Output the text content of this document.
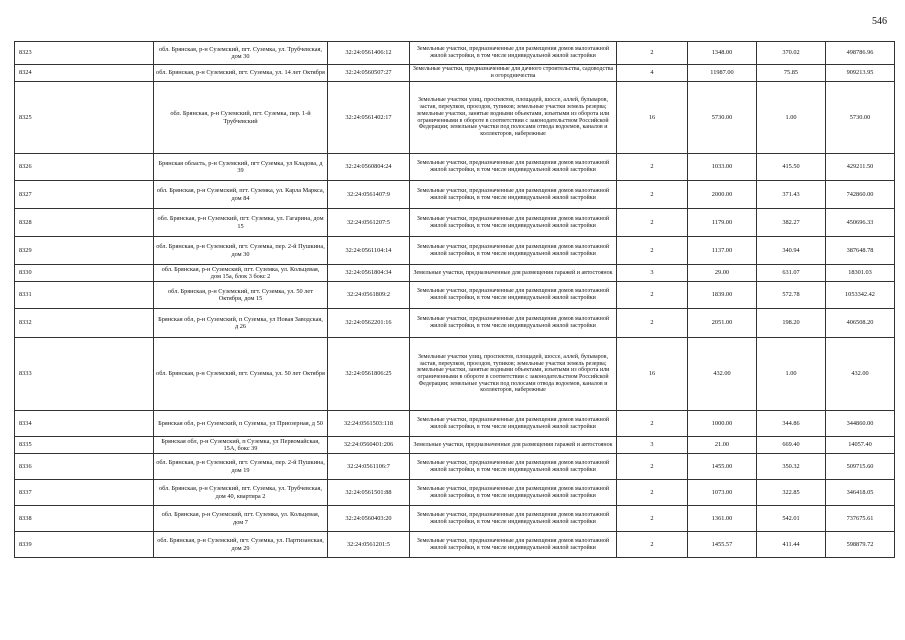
546
8323	обл. Брянская, р-н Суземский, пгт. Суземка, ул. Трубчевская, дом 30	32:24:0561406:12	Земельные участки, предназначенные для размещения домов малоэтажной жилой застройки, в том числе индивидуальной жилой застройки	2	1348.00	370.02	498786.96
8324	обл. Брянская, р-н Суземский, пгт. Суземка, ул. 14 лет Октября	32:24:0560507:27	Земельные участки, предназначенные для дачного строительства, садоводства и огородничества	4	11987.00	75.85	909213.95
8325	обл. Брянская, р-н Суземский, пгт. Суземка, пер. 1-й Трубчевский	32:24:0561402:17	Земельные участки улиц, проспектов, площадей, шоссе, аллей, бульваров, застав, переулков, проездов, тупиков; земельные участки земель резерва; земельные участки, занятые водными объектами, изъятыми из оборота или ограниченными в обороте в соответствии с законодательством Российской Федерации; земельные участки под полосами отвода водоемов, каналов и коллекторов, набережные	16	5730.00	1.00	5730.00
8326	Брянская область, р-н Суземский, пгт Суземка, ул Кладова, д 39	32:24:0560804:24	Земельные участки, предназначенные для размещения домов малоэтажной жилой застройки, в том числе индивидуальной жилой застройки	2	1033.00	415.50	429211.50
8327	обл. Брянская, р-н Суземский, пгт. Суземка, ул. Карла Маркса, дом 84	32:24:0561407:9	Земельные участки, предназначенные для размещения домов малоэтажной жилой застройки, в том числе индивидуальной жилой застройки	2	2000.00	371.43	742860.00
8328	обл. Брянская, р-н Суземский, пгт. Суземка, ул. Гагарина, дом 15	32:24:0561207:5	Земельные участки, предназначенные для размещения домов малоэтажной жилой застройки, в том числе индивидуальной жилой застройки	2	1179.00	382.27	450696.33
8329	обл. Брянская, р-н Суземский, пгт. Суземка, пер. 2-й Пушкина, дом 30	32:24:0561104:14	Земельные участки, предназначенные для размещения домов малоэтажной жилой застройки, в том числе индивидуальной жилой застройки	2	1137.00	340.94	387648.78
8330	обл. Брянская, р-н Суземский, пгт. Суземка, ул. Кольцевая, дом 15а, блок 3 бокс 2	32:24:0561804:34	Земельные участки, предназначенные для размещения гаражей и автостоянок	3	29.00	631.07	18301.03
8331	обл. Брянская, р-н Суземский, пгт. Суземка, ул. 50 лет Октября, дом 15	32:24:0561809:2	Земельные участки, предназначенные для размещения домов малоэтажной жилой застройки, в том числе индивидуальной жилой застройки	2	1839.00	572.78	1053342.42
8332	Брянская обл, р-н Суземский, п Суземка, ул Новая Заводская, д 26	32:24:0562201:16	Земельные участки, предназначенные для размещения домов малоэтажной жилой застройки, в том числе индивидуальной жилой застройки	2	2051.00	198.20	406508.20
8333	обл. Брянская, р-н Суземский, пгт. Суземка, ул. 50 лет Октября	32:24:0561806:25	Земельные участки улиц, проспектов, площадей, шоссе, аллей, бульваров, застав, переулков, проездов, тупиков; земельные участки земель резерва; земельные участки, занятые водными объектами, изъятыми из оборота или ограниченными в обороте в соответствии с законодательством Российской Федерации; земельные участки под полосами отвода водоемов, каналов и коллекторов, набережные	16	432.00	1.00	432.00
8334	Брянская обл, р-н Суземский, п Суземка, ул Приозерная, д 50	32:24:0561503:118	Земельные участки, предназначенные для размещения домов малоэтажной жилой застройки, в том числе индивидуальной жилой застройки	2	1000.00	344.86	344860.00
8335	Брянская обл, р-н Суземский, п Суземка, ул Первомайская, 15А, бокс 39	32:24:0560401:206	Земельные участки, предназначенные для размещения гаражей и автостоянок	3	21.00	669.40	14057.40
8336	обл. Брянская, р-н Суземский, пгт. Суземка, пер. 2-й Пушкина, дом 19	32:24:0561106:7	Земельные участки, предназначенные для размещения домов малоэтажной жилой застройки, в том числе индивидуальной жилой застройки	2	1455.00	350.32	509715.60
8337	обл. Брянская, р-н Суземский, пгт. Суземка, ул. Трубчевская, дом 40, квартира 2	32:24:0561501:88	Земельные участки, предназначенные для размещения домов малоэтажной жилой застройки, в том числе индивидуальной жилой застройки	2	1073.00	322.85	346418.05
8338	обл. Брянская, р-н Суземский, пгт. Суземка, ул. Кольцевая, дом 7	32:24:0560403:20	Земельные участки, предназначенные для размещения домов малоэтажной жилой застройки, в том числе индивидуальной жилой застройки	2	1361.00	542.01	737675.61
8339	обл. Брянская, р-н Суземский, пгт. Суземка, ул. Партизанская, дом 29	32:24:0561201:5	Земельные участки, предназначенные для размещения домов малоэтажной жилой застройки, в том числе индивидуальной жилой застройки	2	1455.57	411.44	598879.72
